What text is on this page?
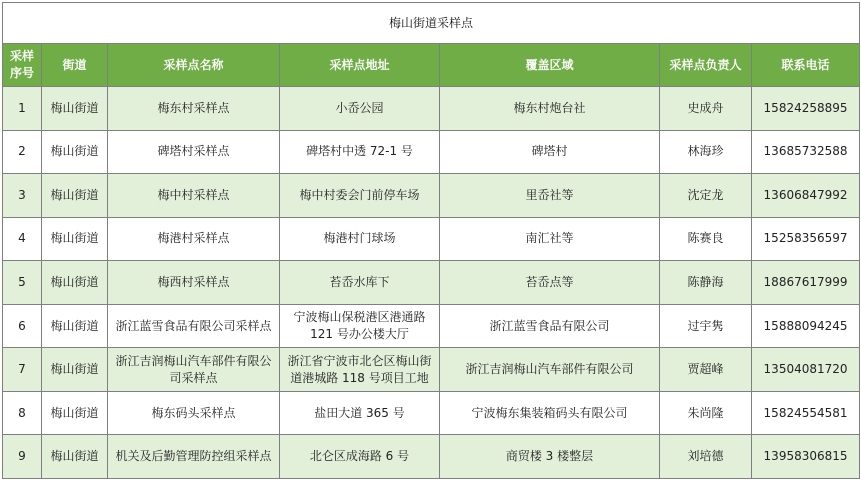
梅山街道采样点						
采样序号	街道	采样点名称	采样点地址	覆盖区域	采样点负责人	联系电话
1	梅山街道	梅东村采样点	小岙公园	梅东村炮台社	史成舟	15824258895
2	梅山街道	碑塔村采样点	碑塔村中透 72-1 号	碑塔村	林海珍	13685732588
3	梅山街道	梅中村采样点	梅中村委会门前停车场	里岙社等	沈定龙	13606847992
4	梅山街道	梅港村采样点	梅港村门球场	南汇社等	陈赛良	15258356597
5	梅山街道	梅西村采样点	苔岙水库下	苔岙点等	陈静海	18867617999
6	梅山街道	浙江蓝雪食品有限公司采样点	宁波梅山保税港区港通路 121 号办公楼大厅	浙江蓝雪食品有限公司	过宇隽	15888094245
7	梅山街道	浙江吉润梅山汽车部件有限公司采样点	浙江省宁波市北仑区梅山街道港城路 118 号项目工地	浙江吉润梅山汽车部件有限公司	贾超峰	13504081720
8	梅山街道	梅东码头采样点	盐田大道 365 号	宁波梅东集装箱码头有限公司	朱尚隆	15824554581
9	梅山街道	机关及后勤管理防控组采样点	北仑区成海路 6 号	商贸楼 3 楼整层	刘培德	13958306815
